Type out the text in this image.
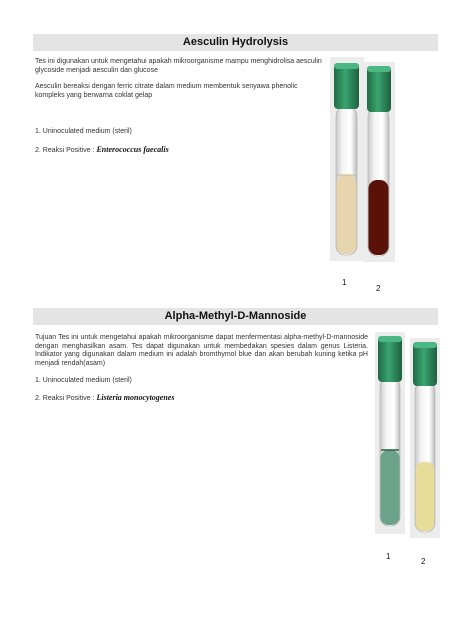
Aesculin Hydrolysis
Tes ini digunakan untuk mengetahui apakah mikroorganisme mampu menghidrolisa aesculin glycoside menjadi aesculin dan glucose
Aesculin bereaksi dengan ferric citrate dalam medium membentuk senyawa phenolic kompleks yang berwarna coklat gelap
1. Uninoculated medium (steril)
2. Reaksi Positive : Enterococcus faecalis
1
2
Alpha-Methyl-D-Mannoside
Tujuan Tes ini untuk mengetahui apakah mikroorganisme dapat menfermentasi alpha-methyl-D-mannoside dengan menghasilkan asam. Tes dapat digunakan untuk membedakan spesies dalam genus Listeria. Indikator yang digunakan dalam medium ini adalah bromthymol blue dan akan berubah kuning ketika pH menjadi rendah(asam)
1. Uninoculated medium (steril)
2. Reaksi Positive : Listeria monocytogenes
1
2
